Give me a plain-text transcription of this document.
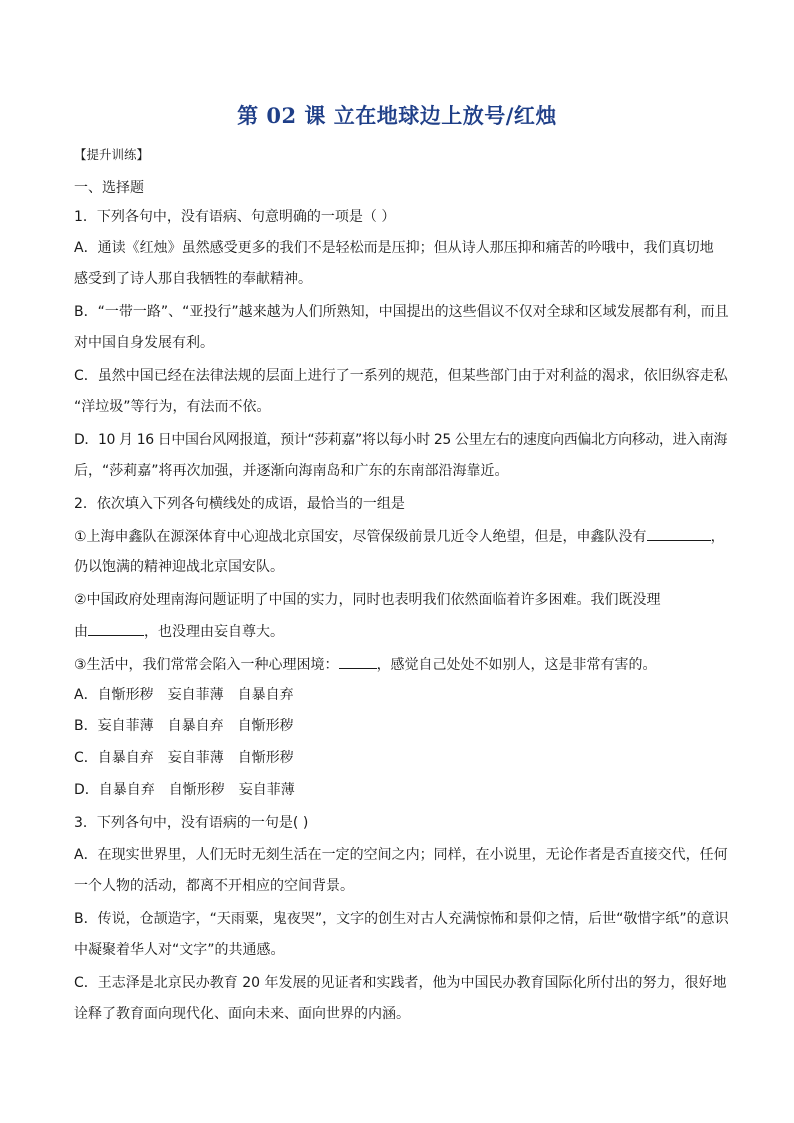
第 02 课 立在地球边上放号/红烛
【提升训练】
一、选择题
1．下列各句中，没有语病、句意明确的一项是（ ）
A．通读《红烛》虽然感受更多的我们不是轻松而是压抑；但从诗人那压抑和痛苦的吟哦中，我们真切地
感受到了诗人那自我牺牲的奉献精神。
B．“一带一路”、“亚投行”越来越为人们所熟知，中国提出的这些倡议不仅对全球和区域发展都有利，而且
对中国自身发展有利。
C．虽然中国已经在法律法规的层面上进行了一系列的规范，但某些部门由于对利益的渴求，依旧纵容走私
“洋垃圾”等行为，有法而不依。
D．10 月 16 日中国台风网报道，预计“莎莉嘉”将以每小时 25 公里左右的速度向西偏北方向移动，进入南海
后，“莎莉嘉”将再次加强，并逐渐向海南岛和广东的东南部沿海靠近。
2．依次填入下列各句横线处的成语，最恰当的一组是
①上海申鑫队在源深体育中心迎战北京国安，尽管保级前景几近令人绝望，但是，申鑫队没有	，
仍以饱满的精神迎战北京国安队。
②中国政府处理南海问题证明了中国的实力，同时也表明我们依然面临着许多困难。我们既没理
由	，也没理由妄自尊大。
③生活中，我们常常会陷入一种心理困境：	，感觉自己处处不如别人，这是非常有害的。
A．自惭形秽 妄自菲薄 自暴自弃
B．妄自菲薄 自暴自弃 自惭形秽
C．自暴自弃 妄自菲薄 自惭形秽
D．自暴自弃 自惭形秽 妄自菲薄
3．下列各句中，没有语病的一句是( )
A．在现实世界里，人们无时无刻生活在一定的空间之内；同样，在小说里，无论作者是否直接交代，任何
一个人物的活动，都离不开相应的空间背景。
B．传说，仓颉造字，“天雨粟，鬼夜哭”，文字的创生对古人充满惊怖和景仰之情，后世“敬惜字纸”的意识
中凝聚着华人对“文字”的共通感。
C．王志泽是北京民办教育 20 年发展的见证者和实践者，他为中国民办教育国际化所付出的努力，很好地
诠释了教育面向现代化、面向未来、面向世界的内涵。
